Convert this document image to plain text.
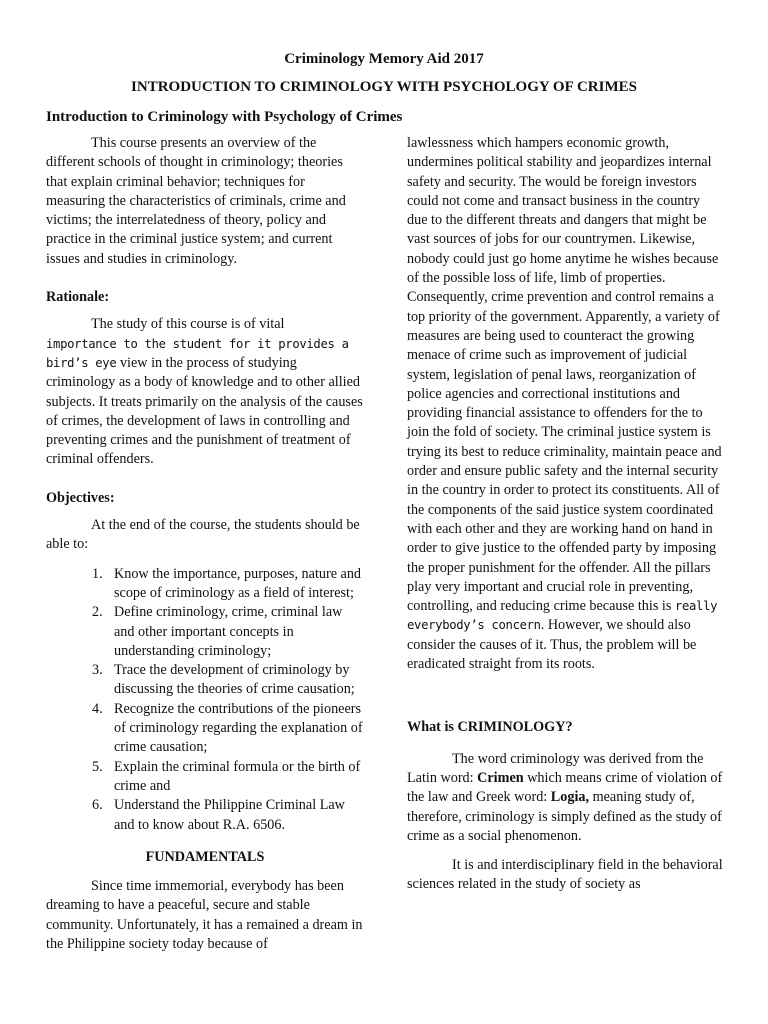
Criminology Memory Aid 2017
INTRODUCTION TO CRIMINOLOGY WITH PSYCHOLOGY OF CRIMES
Introduction to Criminology with Psychology of Crimes

This course presents an overview of the different schools of thought in criminology; theories that explain criminal behavior; techniques for measuring the characteristics of criminals, crime and victims; the interrelatedness of theory, policy and practice in the criminal justice system; and current issues and studies in criminology.

Rationale:

The study of this course is of vital
importance to the student for it provides a bird’s eye view in the process of studying criminology as a body of knowledge and to other allied subjects. It treats primarily on the analysis of the causes of crimes, the development of laws in controlling and preventing crimes and the punishment of treatment of criminal offenders.

Objectives:

At the end of the course, the students should be able to:

1. Know the importance, purposes, nature and scope of criminology as a field of interest;
2. Define criminology, crime, criminal law and other important concepts in understanding criminology;
3. Trace the development of criminology by discussing the theories of crime causation;
4. Recognize the contributions of the pioneers of criminology regarding the explanation of crime causation;
5. Explain the criminal formula or the birth of crime and
6. Understand the Philippine Criminal Law and to know about R.A. 6506.

FUNDAMENTALS

Since time immemorial, everybody has been dreaming to have a peaceful, secure and stable community. Unfortunately, it has a remained a dream in the Philippine society today because of

lawlessness which hampers economic growth, undermines political stability and jeopardizes internal safety and security. The would be foreign investors could not come and transact business in the country due to the different threats and dangers that might be vast sources of jobs for our countrymen. Likewise, nobody could just go home anytime he wishes because of the possible loss of life, limb of properties. Consequently, crime prevention and control remains a top priority of the government. Apparently, a variety of measures are being used to counteract the growing menace of crime such as improvement of judicial system, legislation of penal laws, reorganization of police agencies and correctional institutions and providing financial assistance to offenders for the to join the fold of society. The criminal justice system is trying its best to reduce criminality, maintain peace and order and ensure public safety and the internal security in the country in order to protect its constituents. All of the components of the said justice system coordinated with each other and they are working hand on hand in order to give justice to the offended party by imposing the proper punishment for the offender. All the pillars play very important and crucial role in preventing, controlling, and reducing crime because this is really everybody’s concern. However, we should also consider the causes of it. Thus, the problem will be eradicated straight from its roots.

What is CRIMINOLOGY?

The word criminology was derived from the Latin word: Crimen which means crime of violation of the law and Greek word: Logia, meaning study of, therefore, criminology is simply defined as the study of crime as a social phenomenon.

It is and interdisciplinary field in the behavioral sciences related in the study of society as
